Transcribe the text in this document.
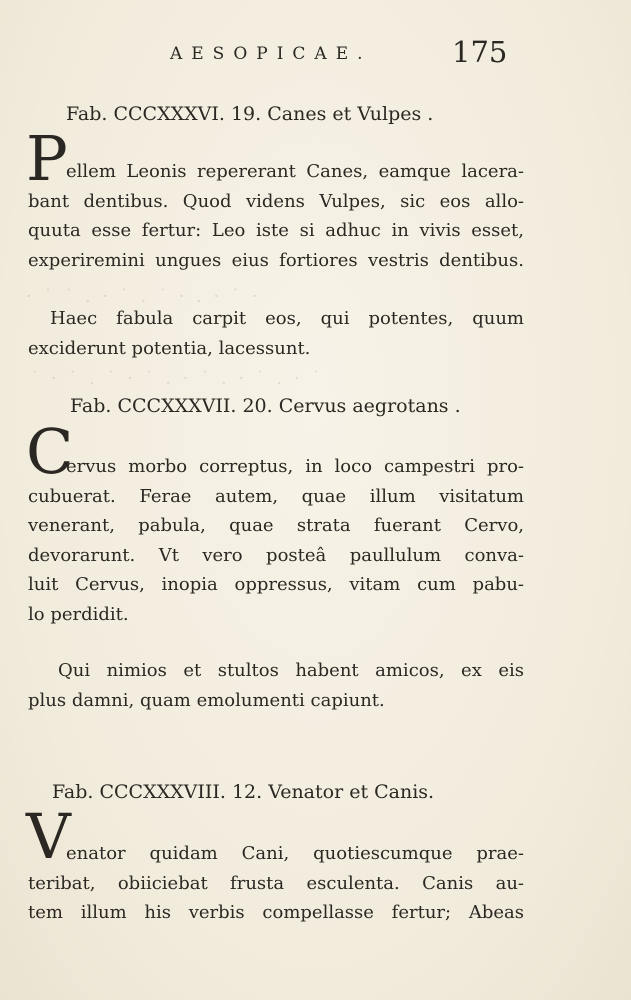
· ˙ ˙ . · ˙ . ˙ · . · ˙ ·
˙ · ˙ . ˙ · ˙ . · ˙ . · ˙ . · ˙
AESOPICAE.	175
Fab. CCCXXXVI. 19. Canes et Vulpes .
P
ellem Leonis repererant Canes, eamque lacera-
bant dentibus. Quod videns Vulpes, sic eos allo-
quuta esse fertur: Leo iste si adhuc in vivis esset,
experiremini ungues eius fortiores vestris dentibus.
Haec fabula carpit eos, qui potentes, quum
exciderunt potentia, lacessunt.
Fab. CCCXXXVII. 20. Cervus aegrotans .
C
ervus morbo correptus, in loco campestri pro-
cubuerat. Ferae autem, quae illum visitatum
venerant, pabula, quae strata fuerant Cervo,
devorarunt. Vt vero posteâ paullulum conva-
luit Cervus, inopia oppressus, vitam cum pabu-
lo perdidit.
Qui nimios et stultos habent amicos, ex eis
plus damni, quam emolumenti capiunt.
Fab. CCCXXXVIII. 12. Venator et Canis.
V
enator quidam Cani, quotiescumque prae-
teribat, obiiciebat frusta esculenta. Canis au-
tem illum his verbis compellasse fertur; Abeas
